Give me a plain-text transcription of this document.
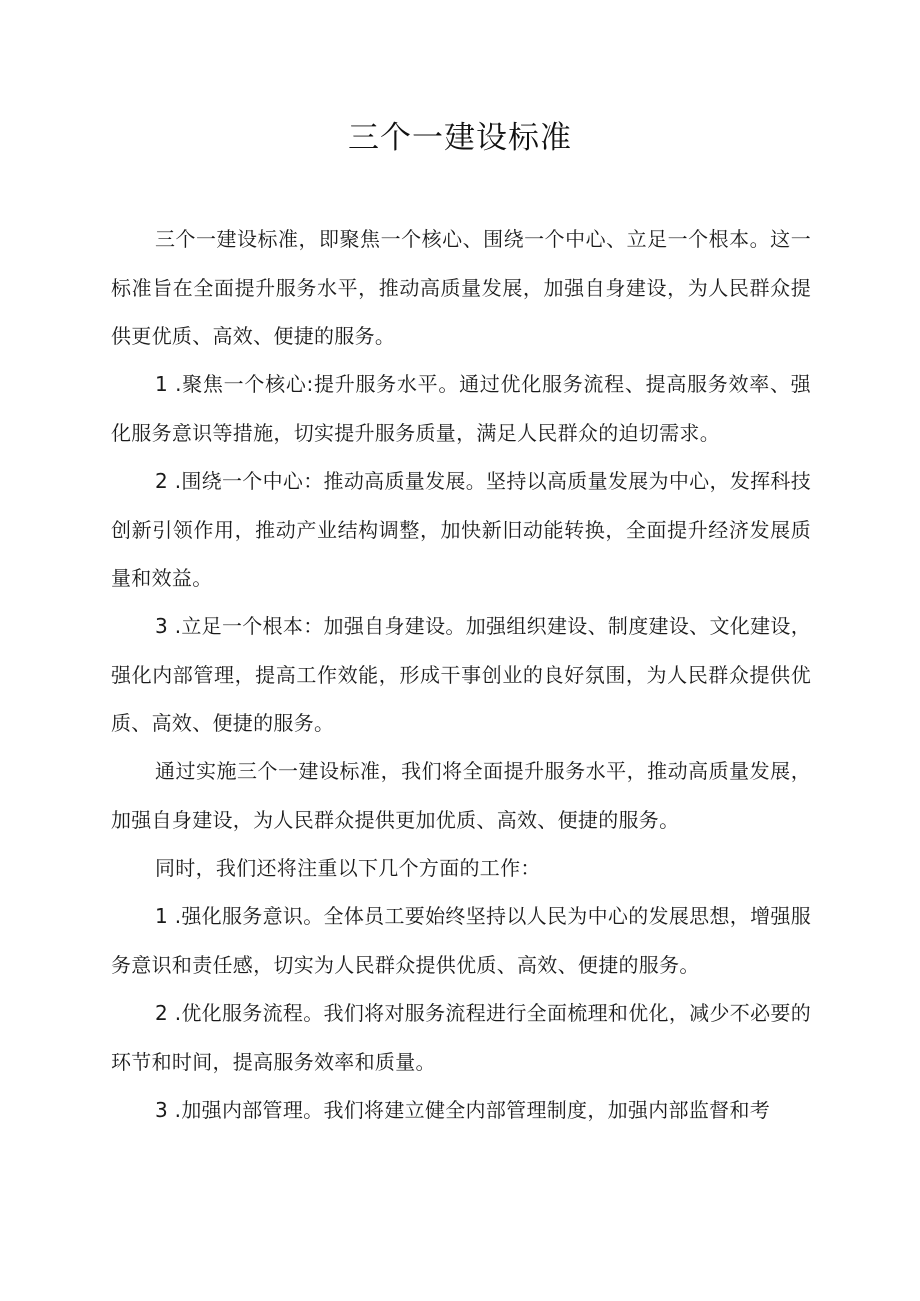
三个一建设标准

三个一建设标准，即聚焦一个核心、围绕一个中心、立足一个根本。这一标准旨在全面提升服务水平，推动高质量发展，加强自身建设，为人民群众提供更优质、高效、便捷的服务。

1 .聚焦一个核心:提升服务水平。通过优化服务流程、提高服务效率、强化服务意识等措施，切实提升服务质量，满足人民群众的迫切需求。

2 .围绕一个中心：推动高质量发展。坚持以高质量发展为中心，发挥科技创新引领作用，推动产业结构调整，加快新旧动能转换，全面提升经济发展质量和效益。

3 .立足一个根本：加强自身建设。加强组织建设、制度建设、文化建设，强化内部管理，提高工作效能，形成干事创业的良好氛围，为人民群众提供优质、高效、便捷的服务。

通过实施三个一建设标准，我们将全面提升服务水平，推动高质量发展，加强自身建设，为人民群众提供更加优质、高效、便捷的服务。

同时，我们还将注重以下几个方面的工作：

1 .强化服务意识。全体员工要始终坚持以人民为中心的发展思想，增强服务意识和责任感，切实为人民群众提供优质、高效、便捷的服务。

2 .优化服务流程。我们将对服务流程进行全面梳理和优化，减少不必要的环节和时间，提高服务效率和质量。

3 .加强内部管理。我们将建立健全内部管理制度，加强内部监督和考
